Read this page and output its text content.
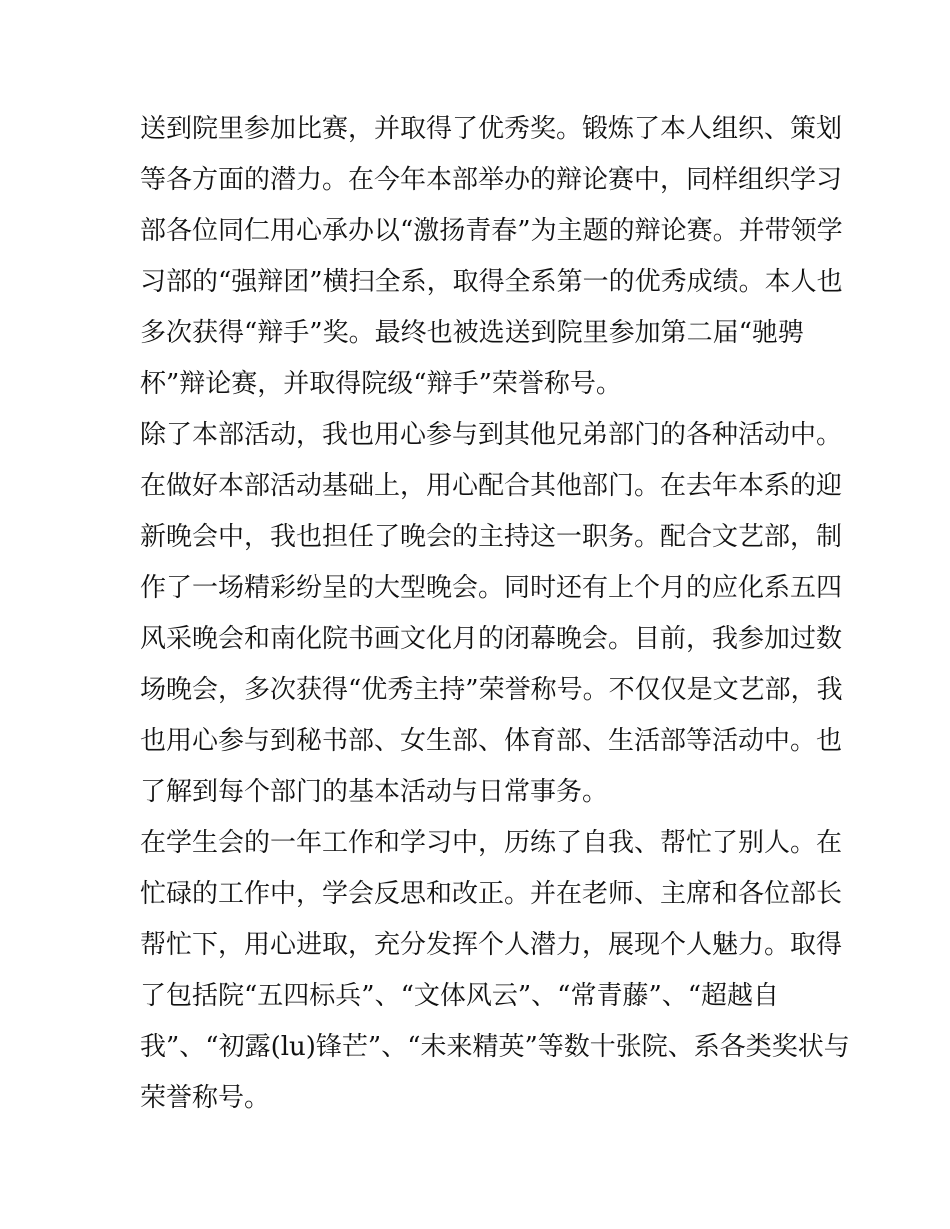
送到院里参加比赛，并取得了优秀奖。锻炼了本人组织、策划
等各方面的潜力。在今年本部举办的辩论赛中，同样组织学习
部各位同仁用心承办以“激扬青春”为主题的辩论赛。并带领学
习部的“强辩团”横扫全系，取得全系第一的优秀成绩。本人也
多次获得“辩手”奖。最终也被选送到院里参加第二届“驰骋
杯”辩论赛，并取得院级“辩手”荣誉称号。
除了本部活动，我也用心参与到其他兄弟部门的各种活动中。
在做好本部活动基础上，用心配合其他部门。在去年本系的迎
新晚会中，我也担任了晚会的主持这一职务。配合文艺部，制
作了一场精彩纷呈的大型晚会。同时还有上个月的应化系五四
风采晚会和南化院书画文化月的闭幕晚会。目前，我参加过数
场晚会，多次获得“优秀主持”荣誉称号。不仅仅是文艺部，我
也用心参与到秘书部、女生部、体育部、生活部等活动中。也
了解到每个部门的基本活动与日常事务。
在学生会的一年工作和学习中，历练了自我、帮忙了别人。在
忙碌的工作中，学会反思和改正。并在老师、主席和各位部长
帮忙下，用心进取，充分发挥个人潜力，展现个人魅力。取得
了包括院“五四标兵”、“文体风云”、“常青藤”、“超越自
我”、“初露(lu)锋芒”、“未来精英”等数十张院、系各类奖状与
荣誉称号。
